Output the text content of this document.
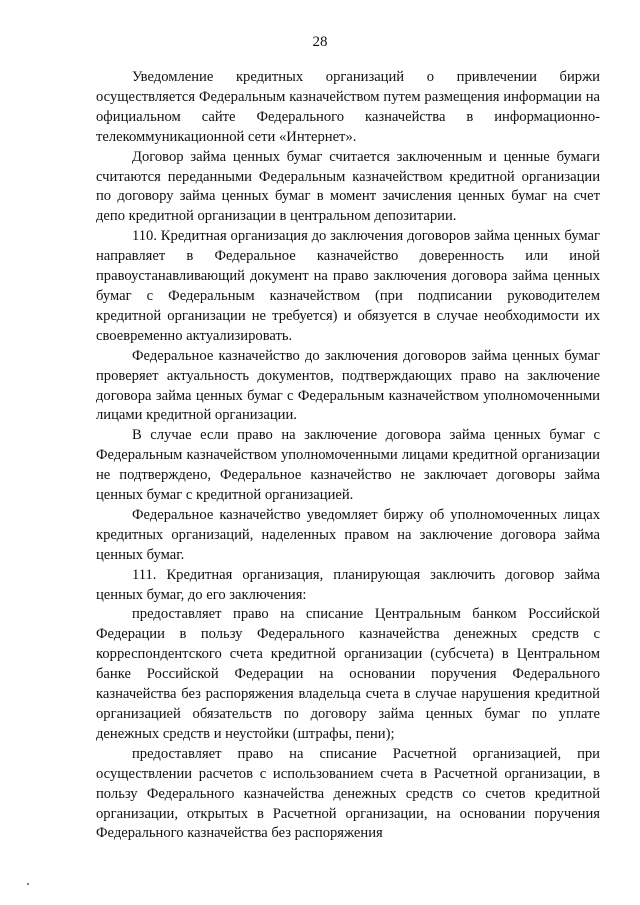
28

Уведомление кредитных организаций о привлечении биржи осуществляется Федеральным казначейством путем размещения информации на официальном сайте Федерального казначейства в информационно-телекоммуникационной сети «Интернет».

Договор займа ценных бумаг считается заключенным и ценные бумаги считаются переданными Федеральным казначейством кредитной организации по договору займа ценных бумаг в момент зачисления ценных бумаг на счет депо кредитной организации в центральном депозитарии.

110. Кредитная организация до заключения договоров займа ценных бумаг направляет в Федеральное казначейство доверенность или иной правоустанавливающий документ на право заключения договора займа ценных бумаг с Федеральным казначейством (при подписании руководителем кредитной организации не требуется) и обязуется в случае необходимости их своевременно актуализировать.

Федеральное казначейство до заключения договоров займа ценных бумаг проверяет актуальность документов, подтверждающих право на заключение договора займа ценных бумаг с Федеральным казначейством уполномоченными лицами кредитной организации.

В случае если право на заключение договора займа ценных бумаг с Федеральным казначейством уполномоченными лицами кредитной организации не подтверждено, Федеральное казначейство не заключает договоры займа ценных бумаг с кредитной организацией.

Федеральное казначейство уведомляет биржу об уполномоченных лицах кредитных организаций, наделенных правом на заключение договора займа ценных бумаг.

111. Кредитная организация, планирующая заключить договор займа ценных бумаг, до его заключения:

предоставляет право на списание Центральным банком Российской Федерации в пользу Федерального казначейства денежных средств с корреспондентского счета кредитной организации (субсчета) в Центральном банке Российской Федерации на основании поручения Федерального казначейства без распоряжения владельца счета в случае нарушения кредитной организацией обязательств по договору займа ценных бумаг по уплате денежных средств и неустойки (штрафы, пени);

предоставляет право на списание Расчетной организацией, при осуществлении расчетов с использованием счета в Расчетной организации, в пользу Федерального казначейства денежных средств со счетов кредитной организации, открытых в Расчетной организации, на основании поручения Федерального казначейства без распоряжения
